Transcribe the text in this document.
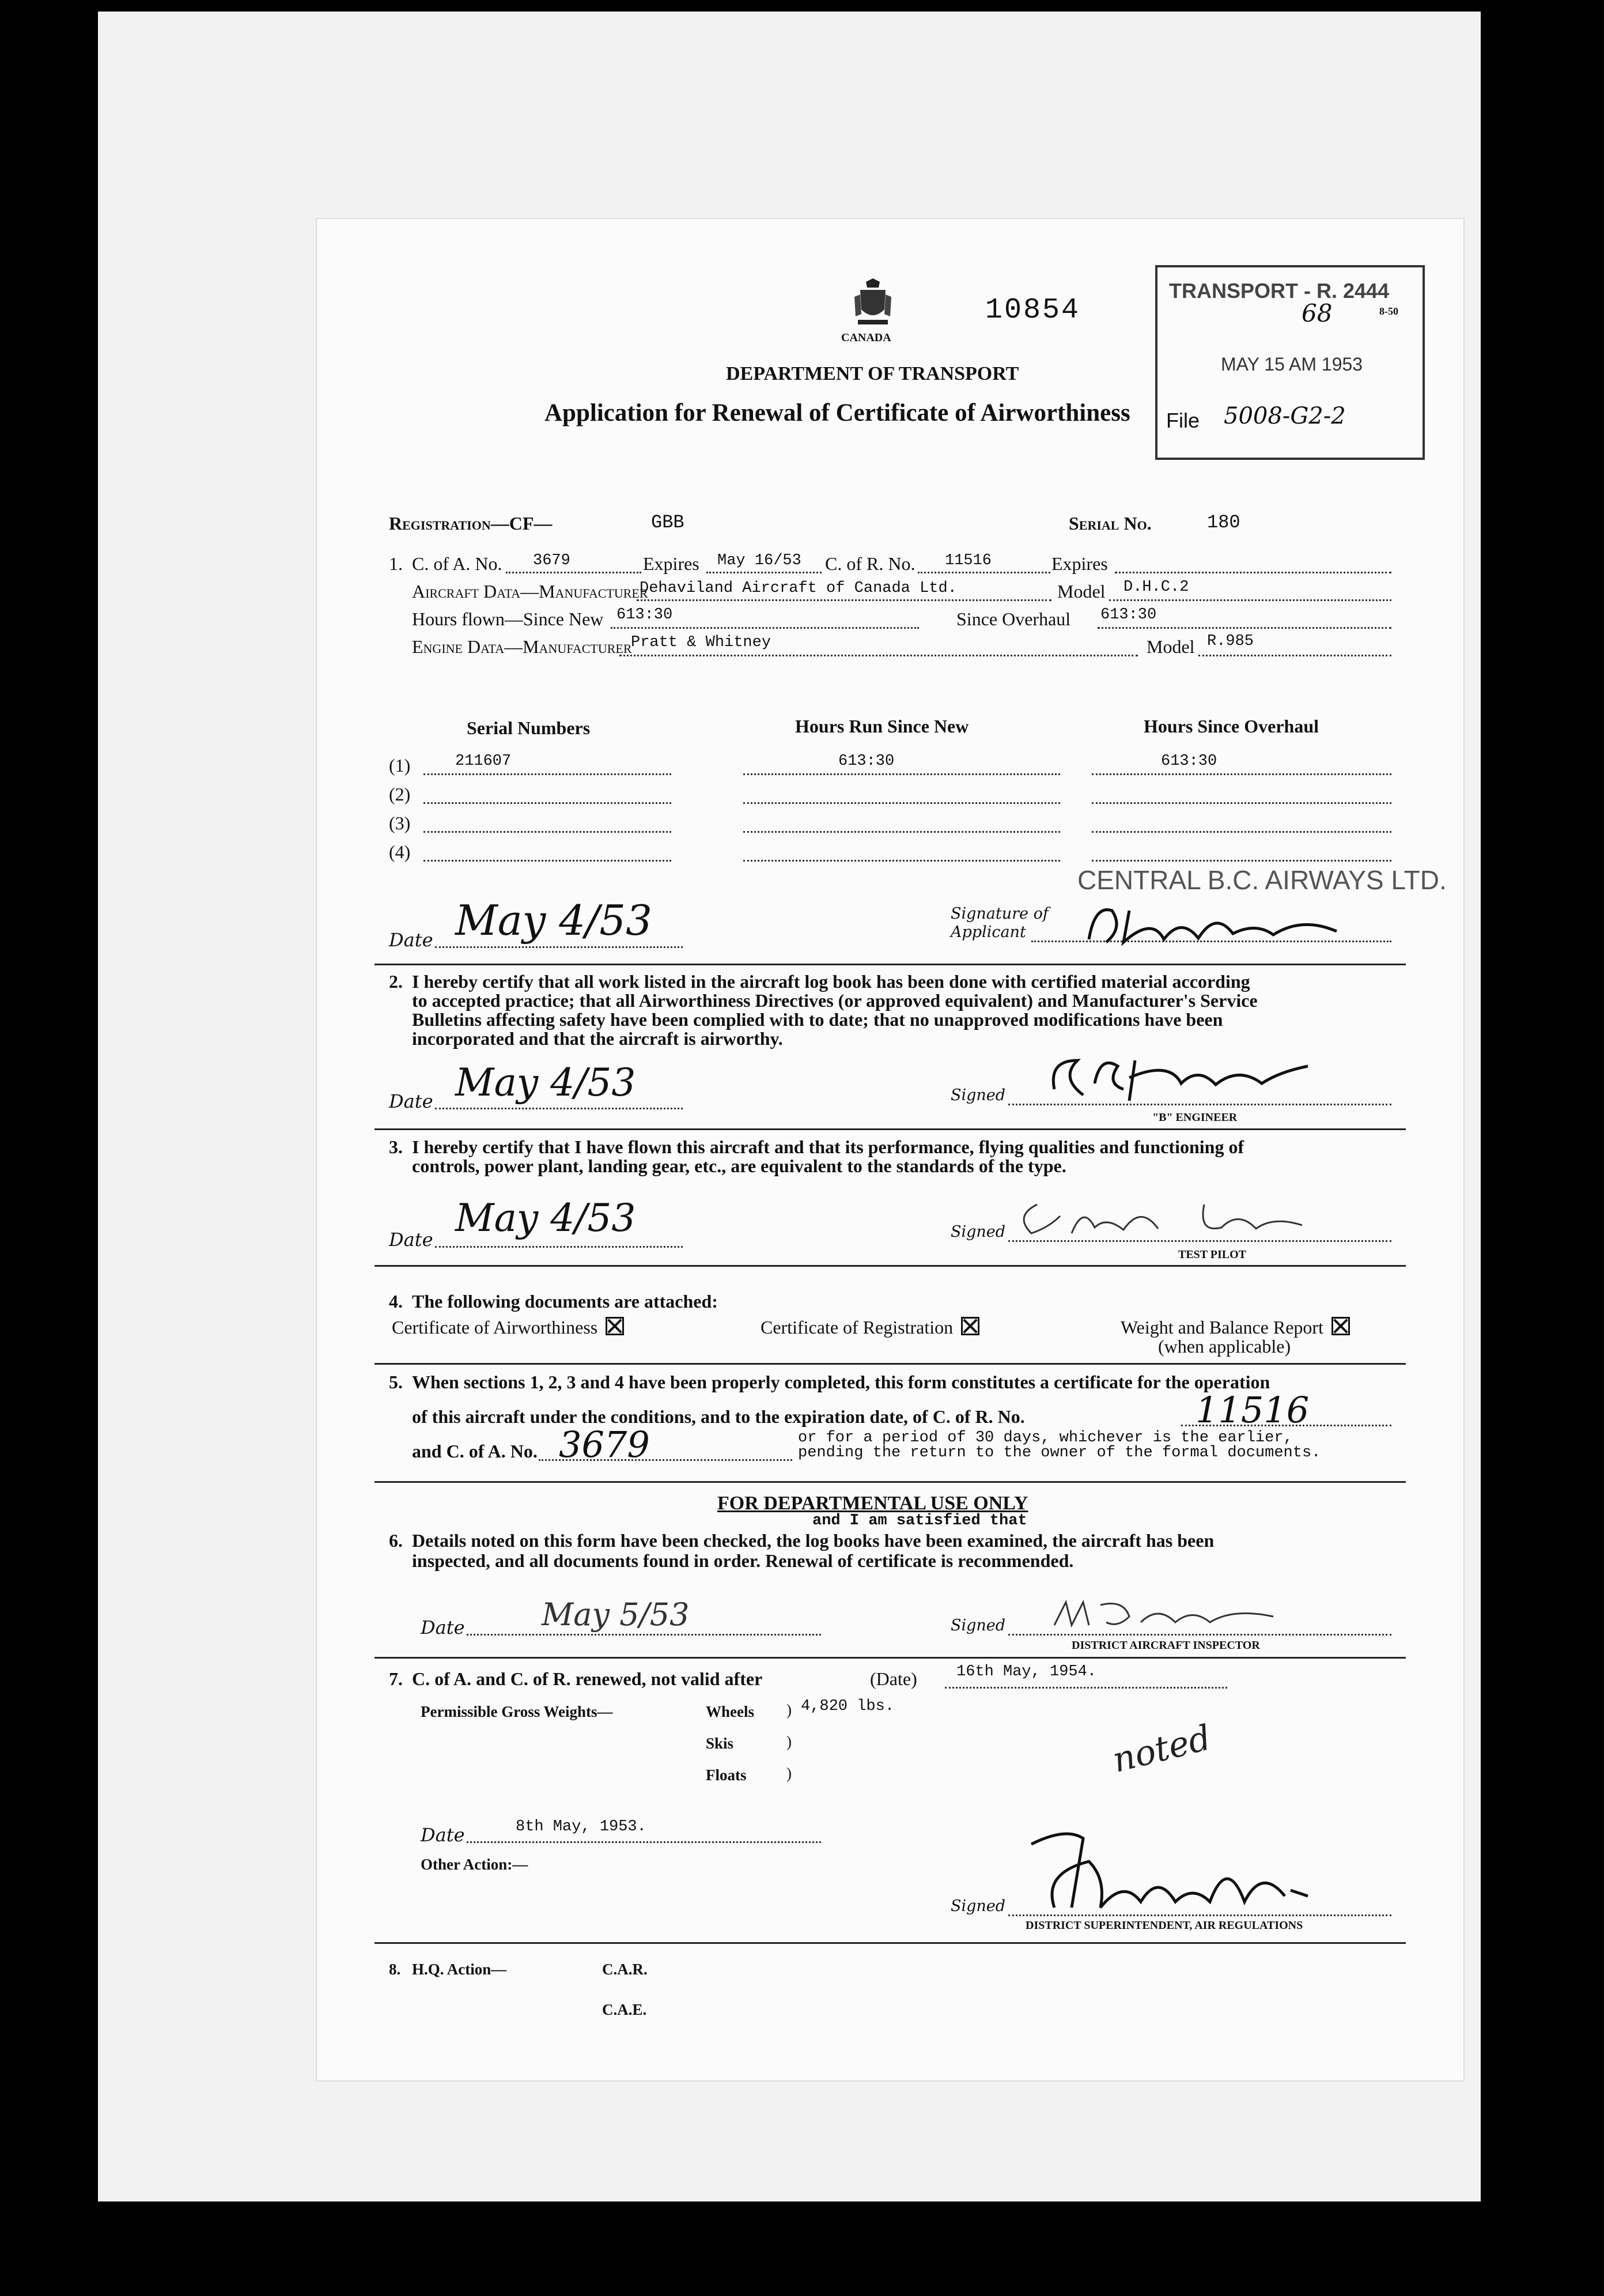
CANADA
10854
DEPARTMENT OF TRANSPORT
Application for Renewal of Certificate of Airworthiness
TRANSPORT - R. 2444
8-50
68
MAY 15 AM 1953
File 5008-G2-2
Registration—CF—	GBB	Serial No.	180
1. C. of A. No. 3679	Expires May 16/53 C. of R. No. 11516	Expires
Aircraft Data—Manufacturer
Dehaviland Aircraft of Canada Ltd.	Model D.H.C.2
Hours flown—Since New 613:30	Since Overhaul 613:30
Engine Data—Manufacturer
Pratt & Whitney	Model R.985
Serial Numbers	Hours Run Since New	Hours Since Overhaul
(1)	211607	613:30	613:30
(2)
(3)
(4)
CENTRAL B.C. AIRWAYS LTD.
Date May 4/53	Signature of
Applicant
2. I hereby certify that all work listed in the aircraft log book has been done with certified material according
to accepted practice; that all Airworthiness Directives (or approved equivalent) and Manufacturer's Service
Bulletins affecting safety have been complied with to date; that no unapproved modifications have been
incorporated and that the aircraft is airworthy.
Date May 4/53	Signed
"B" ENGINEER
3. I hereby certify that I have flown this aircraft and that its performance, flying qualities and functioning of
controls, power plant, landing gear, etc., are equivalent to the standards of the type.
Date May 4/53	Signed
TEST PILOT
4. The following documents are attached:
Certificate of Airworthiness	Certificate of Registration	Weight and Balance Report
(when applicable)
5. When sections 1, 2, 3 and 4 have been properly completed, this form constitutes a certificate for the operation
of this aircraft under the conditions, and to the expiration date, of C. of R. No.	11516
and C. of A. No. 3679	or for a period of 30 days, whichever is the earlier,
pending the return to the owner of the formal documents.
FOR DEPARTMENTAL USE ONLY
and I am satisfied that
6. Details noted on this form have been checked, the log books have been examined, the aircraft has been
inspected, and all documents found in order. Renewal of certificate is recommended.
Date May 5/53	Signed
DISTRICT AIRCRAFT INSPECTOR
7. C. of A. and C. of R. renewed, not valid after	(Date)	16th May, 1954.
Permissible Gross Weights—	Wheels ) 4,820 lbs.
Skis	)
Floats	)	noted
Date	8th May, 1953.
Other Action:—
Signed
DISTRICT SUPERINTENDENT, AIR REGULATIONS
8. H.Q. Action—	C.A.R.
C.A.E.
